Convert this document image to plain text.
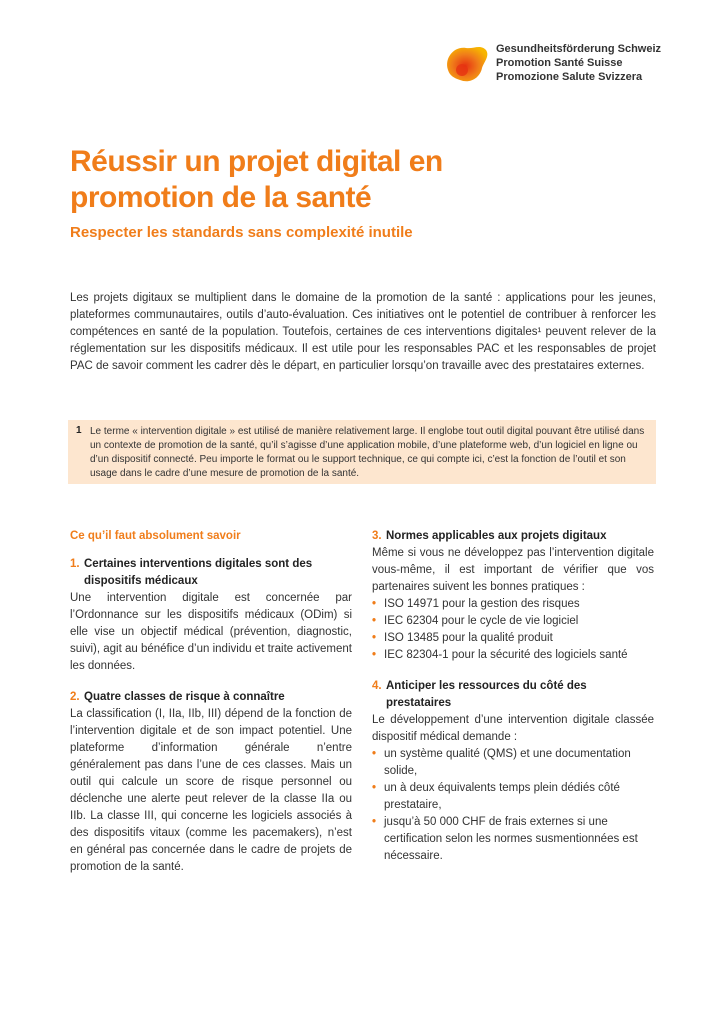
Gesundheitsförderung Schweiz
Promotion Santé Suisse
Promozione Salute Svizzera
Réussir un projet digital en
promotion de la santé
Respecter les standards sans complexité inutile

Les projets digitaux se multiplient dans le domaine de la promotion de la santé : applications pour les jeunes, plateformes communautaires, outils d’auto-évaluation. Ces initiatives ont le potentiel de contribuer à renforcer les compétences en santé de la population. Toutefois, certaines de ces interventions digitales¹ peuvent relever de la réglementation sur les dispositifs médicaux. Il est utile pour les responsables PAC et les responsables de projet PAC de savoir comment les cadrer dès le départ, en particulier lorsqu’on travaille avec des prestataires externes.

1 Le terme « intervention digitale » est utilisé de manière relativement large. Il englobe tout outil digital pouvant être utilisé dans un contexte de promotion de la santé, qu’il s’agisse d’une application mobile, d’une plateforme web, d’un logiciel en ligne ou d’un dispositif connecté. Peu importe le format ou le support technique, ce qui compte ici, c’est la fonction de l’outil et son usage dans le cadre d’une mesure de promotion de la santé.

Ce qu’il faut absolument savoir

1. Certaines interventions digitales sont des dispositifs médicaux

Une intervention digitale est concernée par l’Ordonnance sur les dispositifs médicaux (ODim) si elle vise un objectif médical (prévention, diagnostic, suivi), agit au bénéfice d’un individu et traite activement les données.

2. Quatre classes de risque à connaître

La classification (I, IIa, IIb, III) dépend de la fonction de l’intervention digitale et de son impact potentiel. Une plateforme d’information générale n’entre généralement pas dans l’une de ces classes. Mais un outil qui calcule un score de risque personnel ou déclenche une alerte peut relever de la classe IIa ou IIb. La classe III, qui concerne les logiciels associés à des dispositifs vitaux (comme les pacemakers), n’est en général pas concernée dans le cadre de projets de promotion de la santé.

3. Normes applicables aux projets digitaux

Même si vous ne développez pas l’intervention digitale vous-même, il est important de vérifier que vos partenaires suivent les bonnes pratiques :

• ISO 14971 pour la gestion des risques
• IEC 62304 pour le cycle de vie logiciel
• ISO 13485 pour la qualité produit
• IEC 82304-1 pour la sécurité des logiciels santé

4. Anticiper les ressources du côté des prestataires

Le développement d’une intervention digitale classée dispositif médical demande :

• un système qualité (QMS) et une documentation solide,
• un à deux équivalents temps plein dédiés côté prestataire,
• jusqu’à 50 000 CHF de frais externes si une certification selon les normes susmentionnées est nécessaire.
